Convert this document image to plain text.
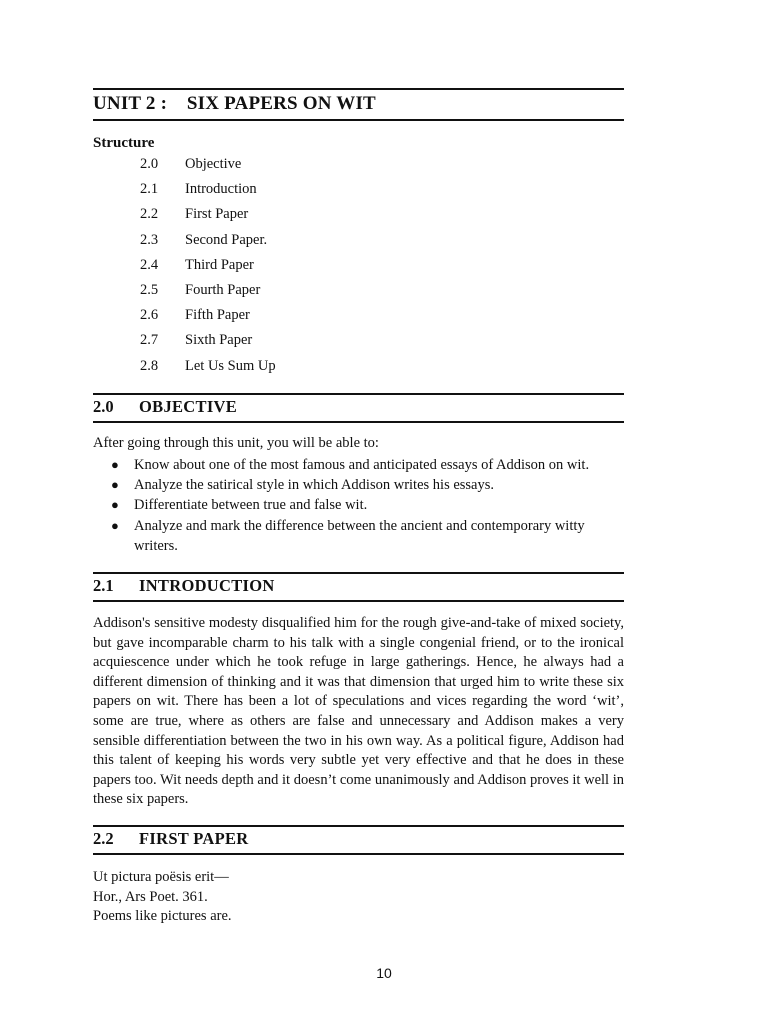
UNIT 2 :    SIX PAPERS ON WIT
Structure
2.0 Objective
2.1 Introduction
2.2 First Paper
2.3 Second Paper.
2.4 Third Paper
2.5 Fourth Paper
2.6 Fifth Paper
2.7 Sixth Paper
2.8 Let Us Sum Up
2.0 OBJECTIVE
After going through this unit, you will be able to:
● Know about one of the most famous and anticipated essays of Addison on wit.
● Analyze the satirical style in which Addison writes his essays.
● Differentiate between true and false wit.
● Analyze and mark the difference between the ancient and contemporary witty writers.
2.1 INTRODUCTION

Addison's sensitive modesty disqualified him for the rough give-and-take of mixed society, but gave incomparable charm to his talk with a single congenial friend, or to the ironical acquiescence under which he took refuge in large gatherings. Hence, he always had a different dimension of thinking and it was that dimension that urged him to write these six papers on wit. There has been a lot of speculations and vices regarding the word ‘wit’, some are true, where as others are false and unnecessary and Addison makes a very sensible differentiation between the two in his own way. As a political figure, Addison had this talent of keeping his words very subtle yet very effective and that he does in these papers too. Wit needs depth and it doesn’t come unanimously and Addison proves it well in these six papers.

2.2 FIRST PAPER
Ut pictura poësis erit—
Hor., Ars Poet. 361.
Poems like pictures are.
10
